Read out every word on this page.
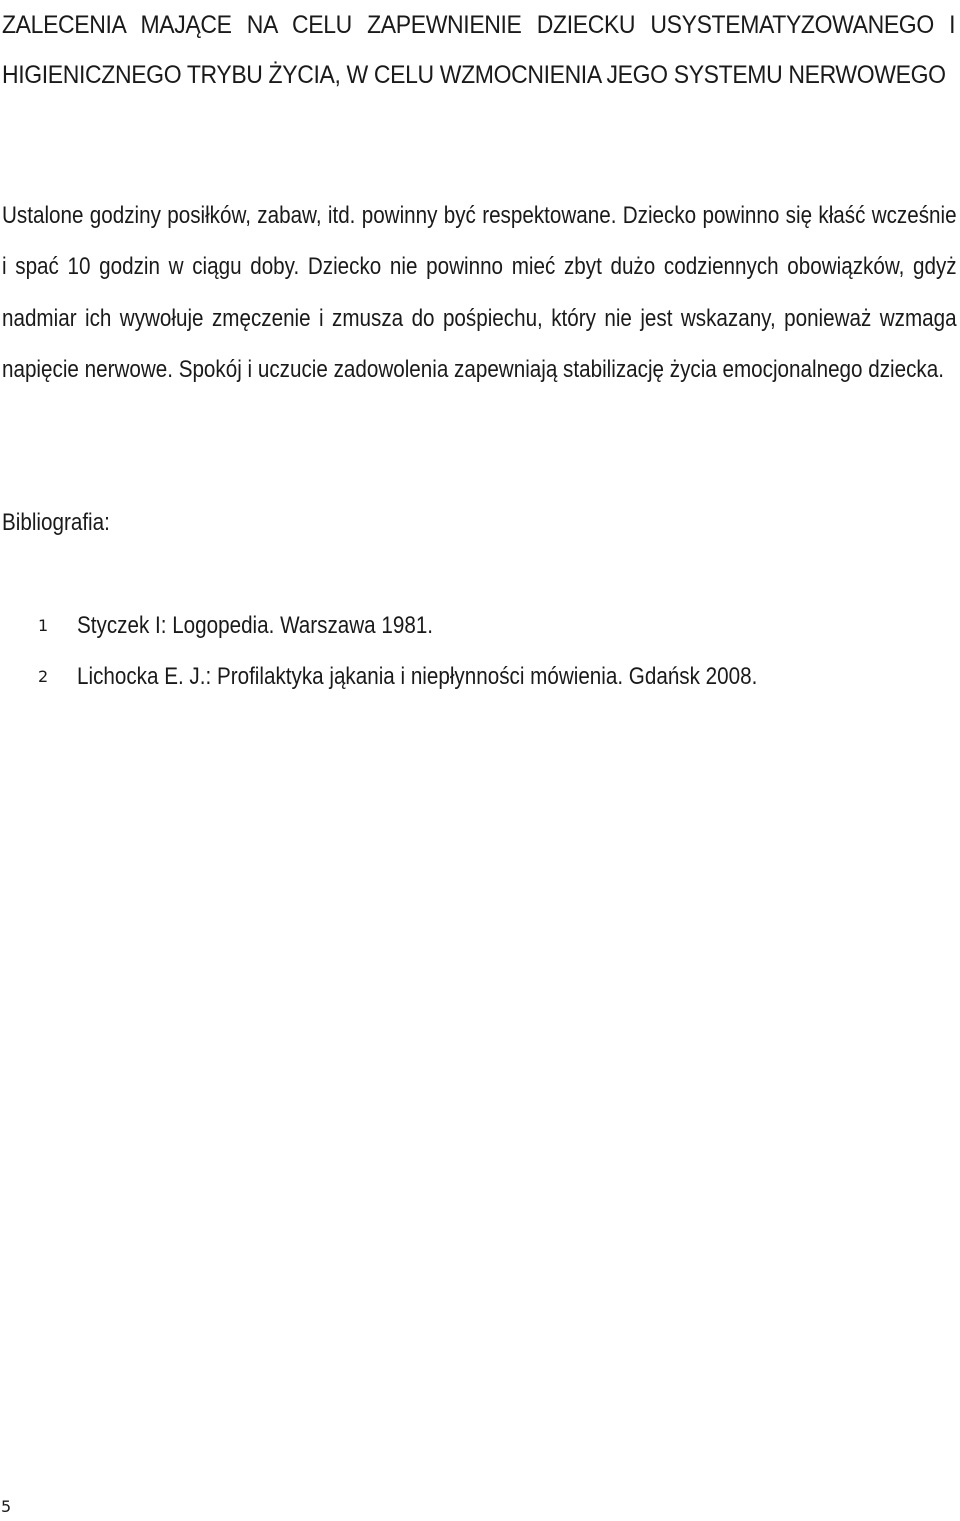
ZALECENIA MAJĄCE NA CELU ZAPEWNIENIE DZIECKU USYSTEMATYZOWANEGO I HIGIENICZNEGO TRYBU ŻYCIA, W CELU WZMOCNIENIA JEGO SYSTEMU NERWOWEGO

Ustalone godziny posiłków, zabaw, itd. powinny być respektowane. Dziecko powinno się kłaść wcześnie i spać 10 godzin w ciągu doby. Dziecko nie powinno mieć zbyt dużo codziennych obowiązków, gdyż nadmiar ich wywołuje zmęczenie i zmusza do pośpiechu, który nie jest wskazany, ponieważ wzmaga napięcie nerwowe. Spokój i uczucie zadowolenia zapewniają stabilizację życia emocjonalnego dziecka.

Bibliografia:
1 Styczek I: Logopedia. Warszawa 1981.
2 Lichocka E. J.: Profilaktyka jąkania i niepłynności mówienia. Gdańsk 2008.
5
